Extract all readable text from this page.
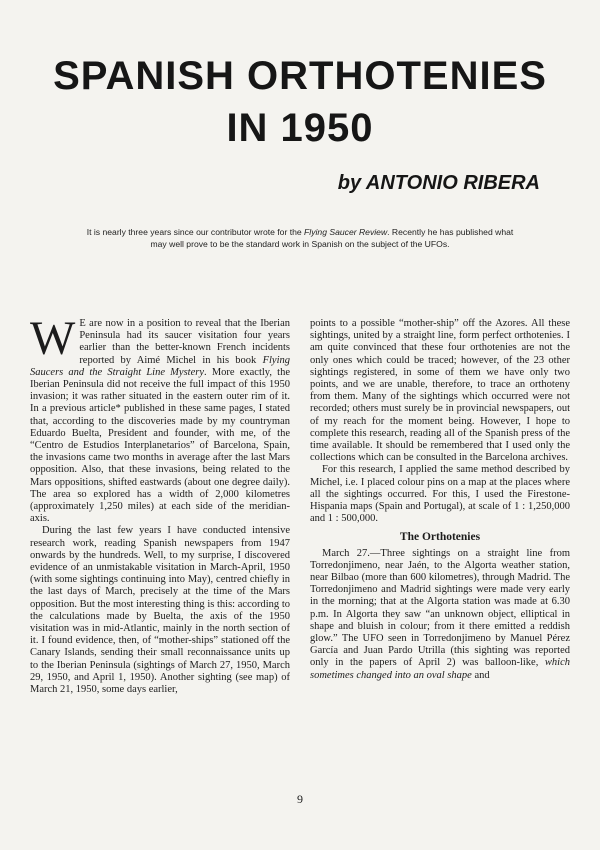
SPANISH ORTHOTENIES
IN 1950
by ANTONIO RIBERA
It is nearly three years since our contributor wrote for the Flying Saucer Review. Recently he has published what may well prove to be the standard work in Spanish on the subject of the UFOs.

W E are now in a position to reveal that the Iberian Peninsula had its saucer visitation four years earlier than the better-known French incidents reported by Aimé Michel in his book Flying Saucers and the Straight Line Mystery. More exactly, the Iberian Peninsula did not receive the full impact of this 1950 invasion; it was rather situated in the eastern outer rim of it. In a previous article* published in these same pages, I stated that, according to the discoveries made by my countryman Eduardo Buelta, President and founder, with me, of the “Centro de Estudios Interplanetarios” of Barcelona, Spain, the invasions came two months in average after the last Mars opposition. Also, that these invasions, being related to the Mars oppositions, shifted eastwards (about one degree daily). The area so explored has a width of 2,000 kilometres (approximately 1,250 miles) at each side of the meridian-axis.

During the last few years I have conducted intensive research work, reading Spanish newspapers from 1947 onwards by the hundreds. Well, to my surprise, I discovered evidence of an unmistakable visitation in March-April, 1950 (with some sightings continuing into May), centred chiefly in the last days of March, precisely at the time of the Mars opposition. But the most interesting thing is this: according to the calculations made by Buelta, the axis of the 1950 visitation was in mid-Atlantic, mainly in the north section of it. I found evidence, then, of “mother-ships” stationed off the Canary Islands, sending their small reconnaissance units up to the Iberian Peninsula (sightings of March 27, 1950, March 29, 1950, and April 1, 1950). Another sighting (see map) of March 21, 1950, some days earlier,

points to a possible “mother-ship” off the Azores. All these sightings, united by a straight line, form perfect orthotenies. I am quite convinced that these four orthotenies are not the only ones which could be traced; however, of the 23 other sightings registered, in some of them we have only two points, and we are unable, therefore, to trace an orthoteny from them. Many of the sightings which occurred were not recorded; others must surely be in provincial newspapers, out of my reach for the moment being. However, I hope to complete this research, reading all of the Spanish press of the time available. It should be remembered that I used only the collections which can be consulted in the Barcelona archives.

For this research, I applied the same method described by Michel, i.e. I placed colour pins on a map at the places where all the sightings occurred. For this, I used the Firestone-Hispania maps (Spain and Portugal), at scale of 1 : 1,250,000 and 1 : 500,000.

The Orthotenies

March 27.—Three sightings on a straight line from Torredonjimeno, near Jaén, to the Algorta weather station, near Bilbao (more than 600 kilometres), through Madrid. The Torredonjimeno and Madrid sightings were made very early in the morning; that at the Algorta station was made at 6.30 p.m. In Algorta they saw “an unknown object, elliptical in shape and bluish in colour; from it there emitted a reddish glow.” The UFO seen in Torredonjimeno by Manuel Pérez García and Juan Pardo Utrilla (this sighting was reported only in the papers of April 2) was balloon-like, which sometimes changed into an oval shape and

9
